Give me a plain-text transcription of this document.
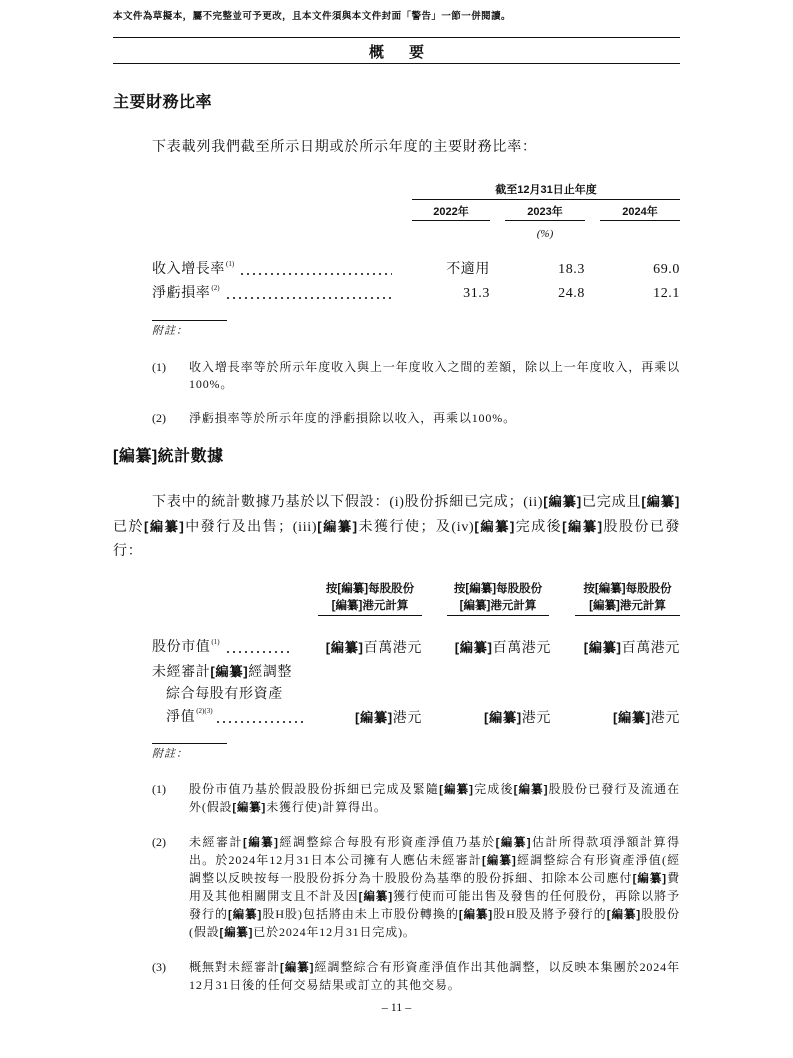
本文件為草擬本，屬不完整並可予更改，且本文件須與本文件封面「警告」一節一併閱讀。
概　要
主要財務比率
下表載列我們截至所示日期或於所示年度的主要財務比率：
截至12月31日止年度
2022年	2023年	2024年
(%)
收入增長率 (1)	不適用	18.3	69.0
淨虧損率 (2)	31.3	24.8	12.1
附註：
(1)	收入增長率等於所示年度收入與上一年度收入之間的差額，除以上一年度收入，再乘以100%。
(2)	淨虧損率等於所示年度的淨虧損除以收入，再乘以100%。
[編纂]統計數據
下表中的統計數據乃基於以下假設：(i)股份拆細已完成；(ii)[編纂]已完成且[編纂]已於[編纂]中發行及出售；(iii)[編纂]未獲行使；及(iv)[編纂]完成後[編纂]股股份已發行：
按[編纂]每股股份
[編纂]港元計算
按[編纂]每股股份
[編纂]港元計算
按[編纂]每股股份
[編纂]港元計算
股份市值 (1)	[編纂]百萬港元 [編纂]百萬港元 [編纂]百萬港元
未經審計[編纂]經調整
綜合每股有形資產
淨值 (2)(3)	[編纂]港元	[編纂]港元	[編纂]港元
附註：
(1)	股份市值乃基於假設股份拆細已完成及緊隨[編纂]完成後[編纂]股股份已發行及流通在外(假設[編纂]未獲行使)計算得出。
(2)	未經審計[編纂]經調整綜合每股有形資產淨值乃基於[編纂]估計所得款項淨額計算得出。於2024年12月31日本公司擁有人應佔未經審計[編纂]經調整綜合有形資產淨值(經調整以反映按每一股股份拆分為十股股份為基準的股份拆細、扣除本公司應付[編纂]費用及其他相關開支且不計及因[編纂]獲行使而可能出售及發售的任何股份，再除以將予發行的[編纂]股H股)包括將由未上市股份轉換的[編纂]股H股及將予發行的[編纂]股股份(假設[編纂]已於2024年12月31日完成)。
(3)	概無對未經審計[編纂]經調整綜合有形資產淨值作出其他調整，以反映本集團於2024年12月31日後的任何交易結果或訂立的其他交易。
– 11 –
